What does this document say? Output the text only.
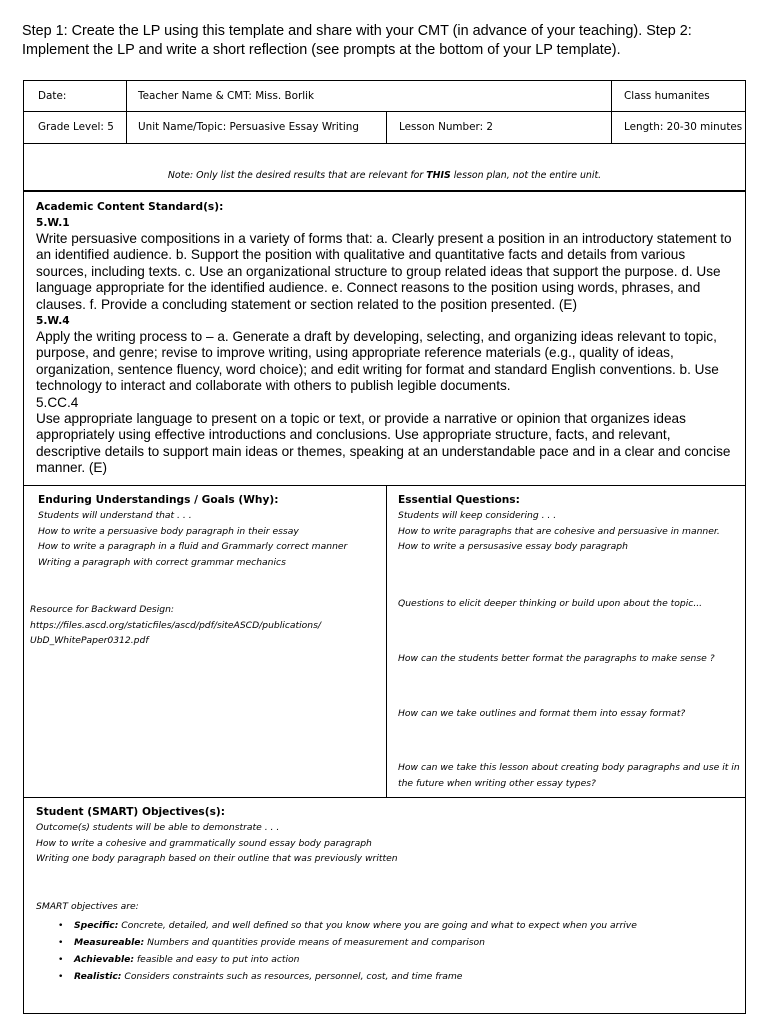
Step 1: Create the LP using this template and share with your CMT (in advance of your teaching). Step 2: Implement the LP and write a short reflection (see prompts at the bottom of your LP template).
Date:	Teacher Name & CMT: Miss. Borlik	Class humanites
Grade Level: 5 Unit Name/Topic: Persuasive Essay Writing	Lesson Number: 2	Length: 20-30 minutes
Note: Only list the desired results that are relevant for THIS lesson plan, not the entire unit.
Academic Content Standard(s):
5.W.1
Write persuasive compositions in a variety of forms that: a. Clearly present a position in an introductory statement to an identified audience. b. Support the position with qualitative and quantitative facts and details from various sources, including texts. c. Use an organizational structure to group related ideas that support the purpose. d. Use language appropriate for the identified audience. e. Connect reasons to the position using words, phrases, and clauses. f. Provide a concluding statement or section related to the position presented. (E)
5.W.4
Apply the writing process to – a. Generate a draft by developing, selecting, and organizing ideas relevant to topic, purpose, and genre; revise to improve writing, using appropriate reference materials (e.g., quality of ideas, organization, sentence fluency, word choice); and edit writing for format and standard English conventions. b. Use technology to interact and collaborate with others to publish legible documents.
5.CC.4
Use appropriate language to present on a topic or text, or provide a narrative or opinion that organizes ideas appropriately using effective introductions and conclusions. Use appropriate structure, facts, and relevant, descriptive details to support main ideas or themes, speaking at an understandable pace and in a clear and concise manner. (E)
Enduring Understandings / Goals (Why):
Students will understand that . . .
How to write a persuasive body paragraph in their essay
How to write a paragraph in a fluid and Grammarly correct manner
Writing a paragraph with correct grammar mechanics
Resource for Backward Design:
https://files.ascd.org/staticfiles/ascd/pdf/siteASCD/publications/
UbD_WhitePaper0312.pdf
Essential Questions:
Students will keep considering . . .
How to write paragraphs that are cohesive and persuasive in manner.
How to write a persusasive essay body paragraph
Questions to elicit deeper thinking or build upon about the topic...
How can the students better format the paragraphs to make sense ?
How can we take outlines and format them into essay format?
How can we take this lesson about creating body paragraphs and use it in
the future when writing other essay types?
Student (SMART) Objectives(s):
Outcome(s) students will be able to demonstrate . . .
How to write a cohesive and grammatically sound essay body paragraph
Writing one body paragraph based on their outline that was previously written
SMART objectives are:
• Specific: Concrete, detailed, and well defined so that you know where you are going and what to expect when you arrive
• Measureable: Numbers and quantities provide means of measurement and comparison
• Achievable: feasible and easy to put into action
• Realistic: Considers constraints such as resources, personnel, cost, and time frame
